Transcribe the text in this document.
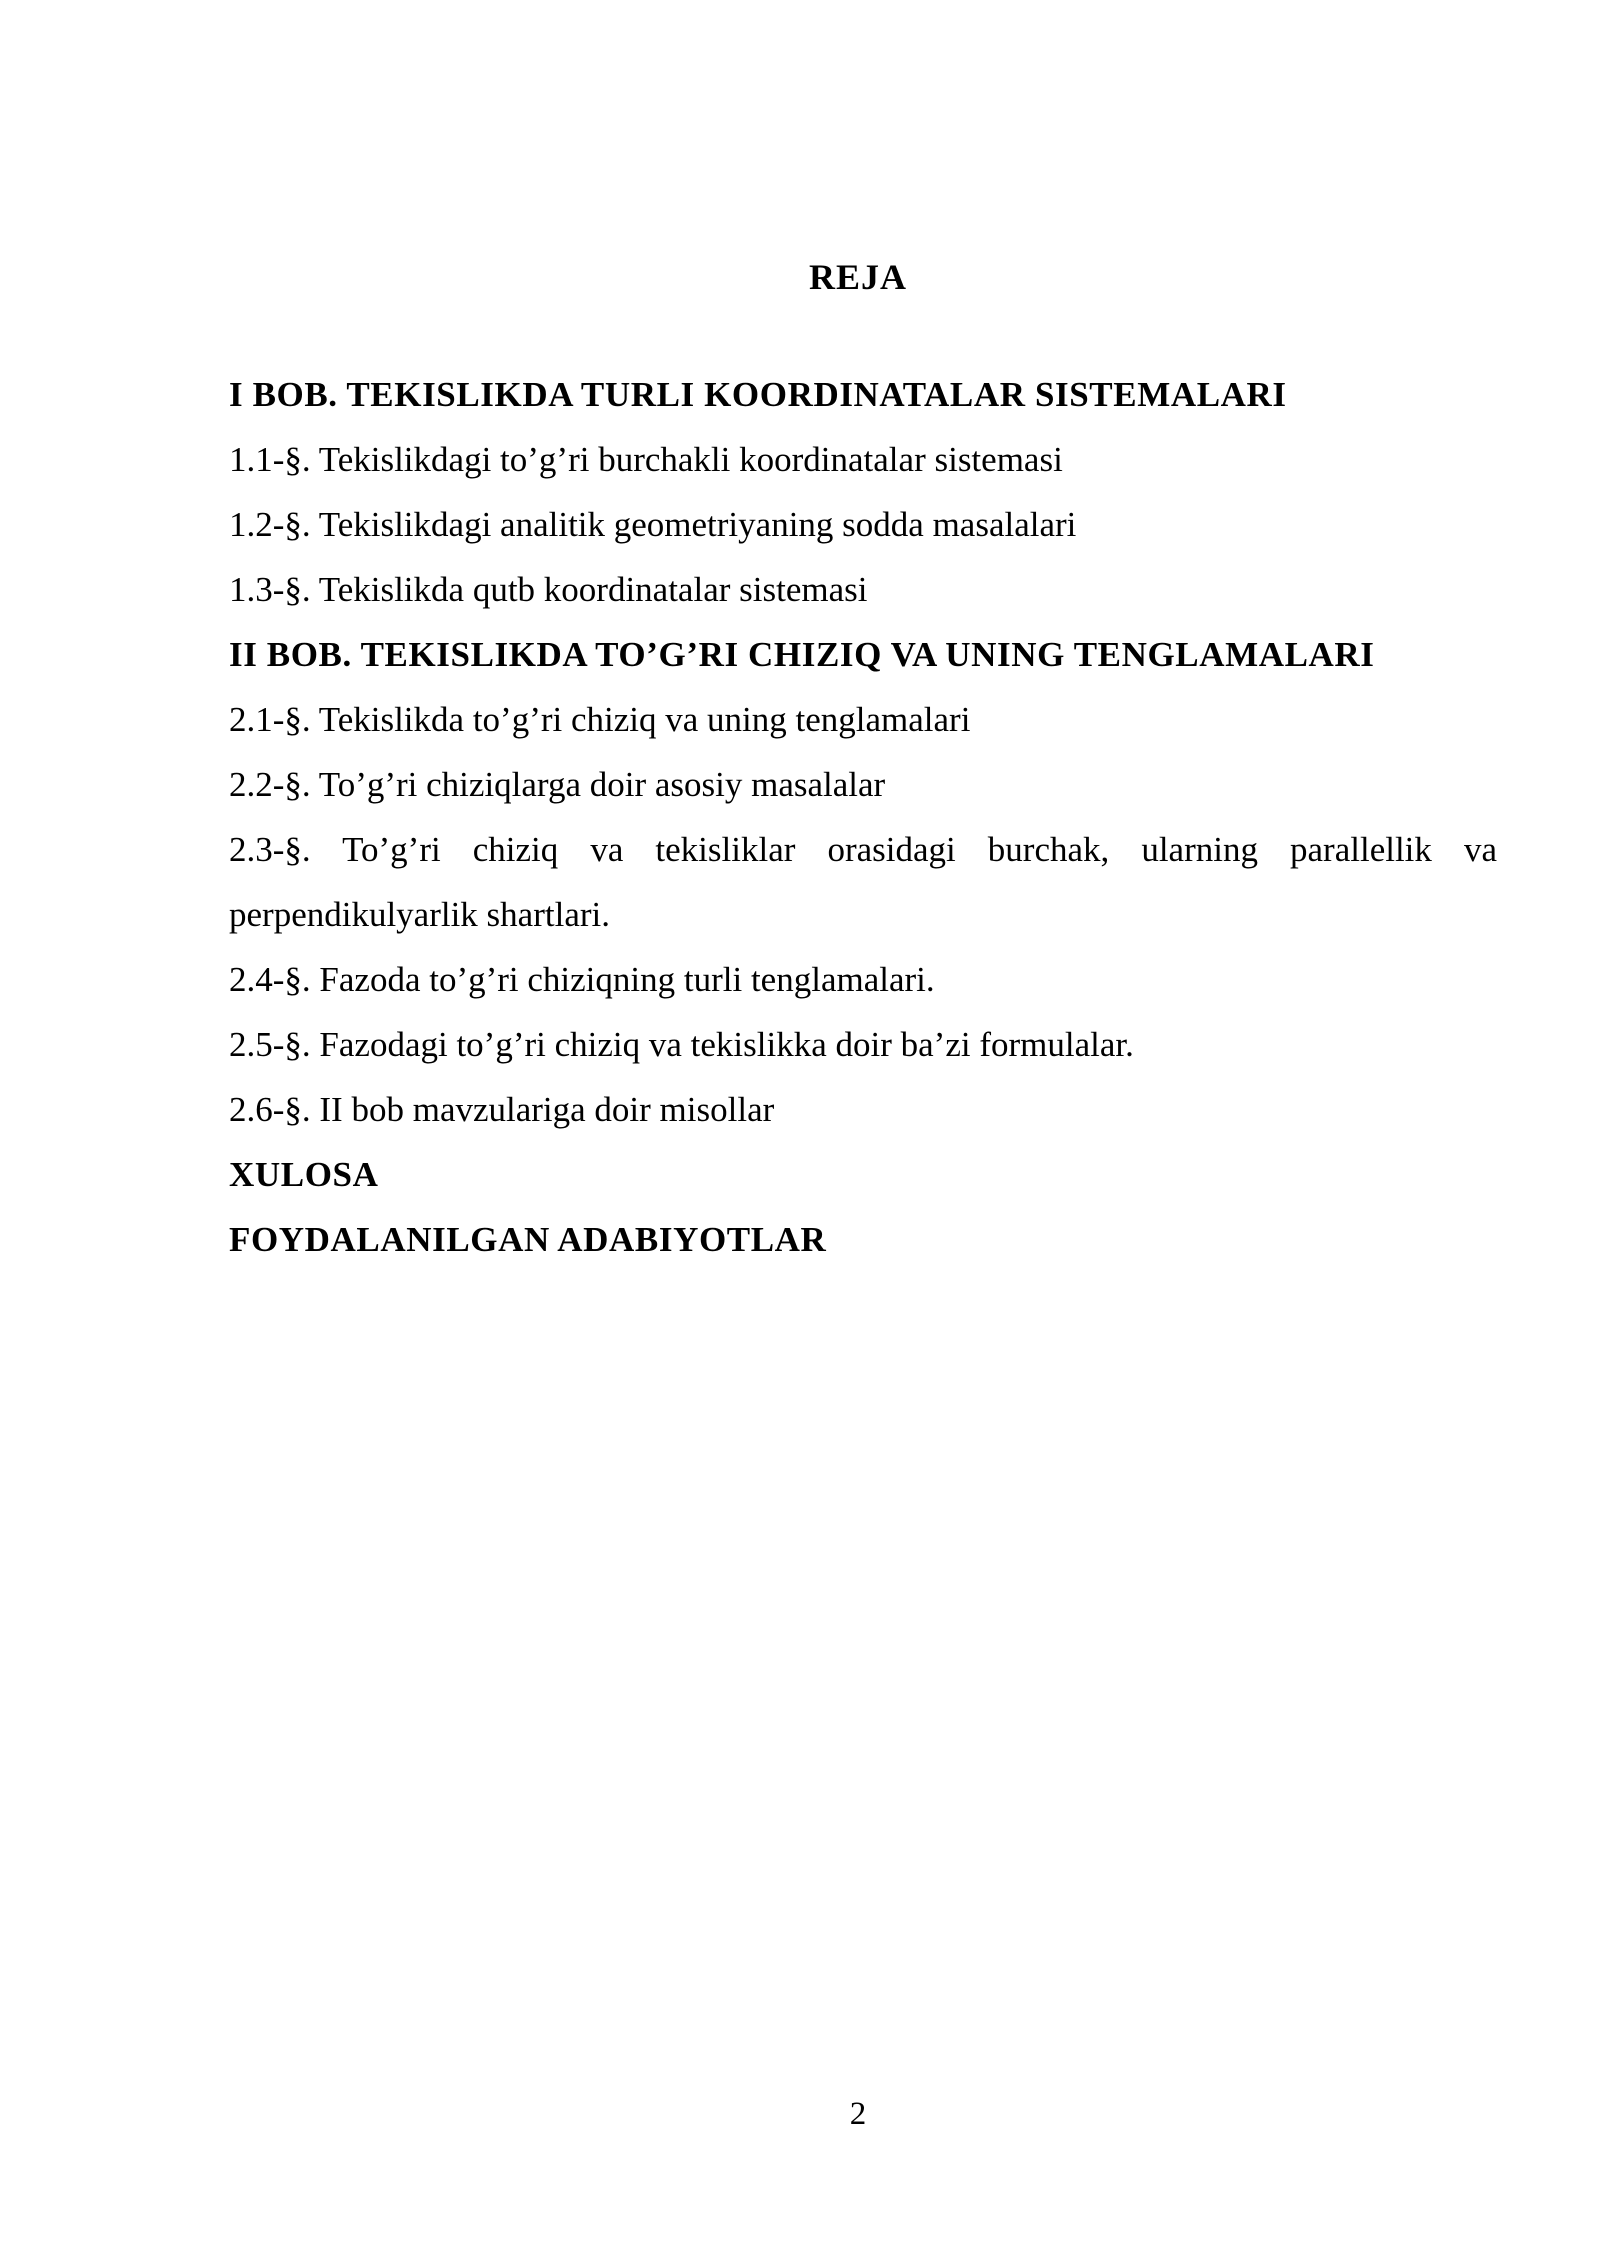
REJA
I BOB. TEKISLIKDA TURLI KOORDINATALAR SISTEMALARI
1.1-§. Tekislikdagi to’g’ri burchakli koordinatalar sistemasi
1.2-§. Tekislikdagi analitik geometriyaning sodda masalalari
1.3-§. Tekislikda qutb koordinatalar sistemasi
II BOB. TEKISLIKDA TO’G’RI CHIZIQ VA UNING TENGLAMALARI
2.1-§. Tekislikda to’g’ri chiziq va uning tenglamalari
2.2-§. To’g’ri chiziqlarga doir asosiy masalalar
2.3-§. To’g’ri chiziq va tekisliklar orasidagi burchak, ularning parallellik va perpendikulyarlik shartlari.
2.4-§. Fazoda to’g’ri chiziqning turli tenglamalari.
2.5-§. Fazodagi to’g’ri chiziq va tekislikka doir ba’zi formulalar.
2.6-§. II bob mavzulariga doir misollar
XULOSA
FOYDALANILGAN ADABIYOTLAR
2
